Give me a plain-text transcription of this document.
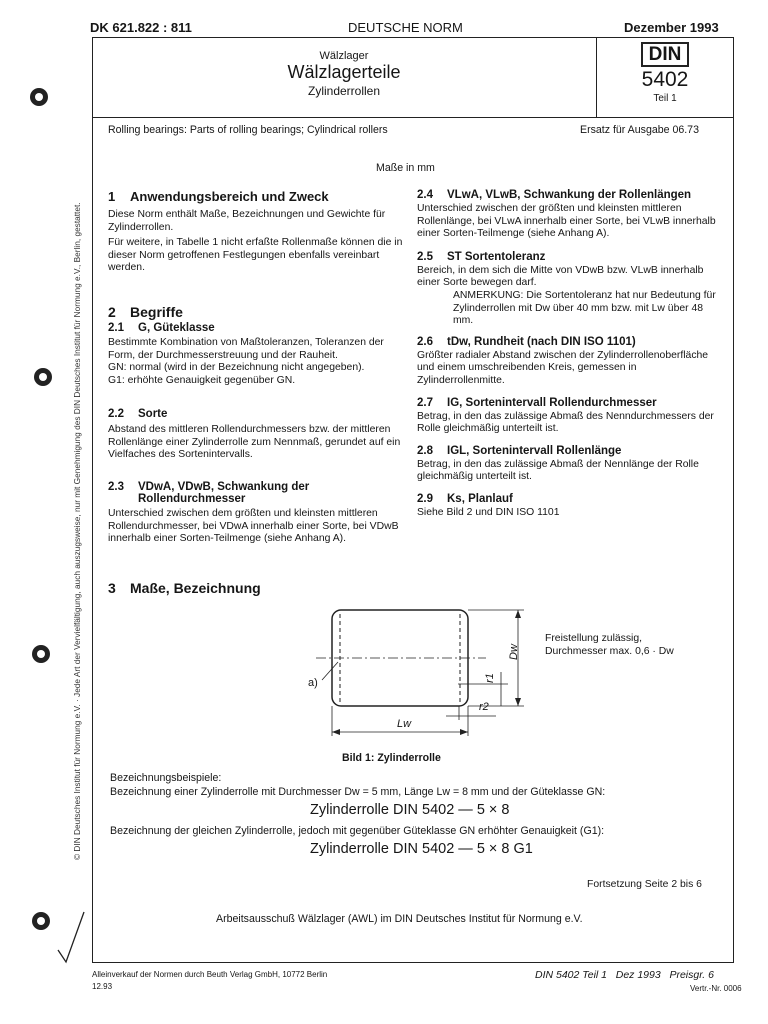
© DIN Deutsches Institut für Normung e.V. · Jede Art der Vervielfältigung, auch auszugsweise, nur mit Genehmigung des DIN Deutsches Institut für Normung e.V., Berlin, gestattet.
DK 621.822 : 811	DEUTSCHE NORM	Dezember 1993
Wälzlager
Wälzlagerteile
Zylinderrollen
DIN
5402
Teil 1
Rolling bearings: Parts of rolling bearings; Cylindrical rollers	Ersatz für Ausgabe 06.73
Maße in mm
1 Anwendungsbereich und Zweck
Diese Norm enthält Maße, Bezeichnungen und Gewichte für Zylinderrollen.
Für weitere, in Tabelle 1 nicht erfaßte Rollenmaße können die in dieser Norm getroffenen Festlegungen ebenfalls vereinbart werden.
2 Begriffe
2.1 G, Güteklasse
Bestimmte Kombination von Maßtoleranzen, Toleranzen der Form, der Durchmesserstreuung und der Rauheit.
GN: normal (wird in der Bezeichnung nicht angegeben).
G1: erhöhte Genauigkeit gegenüber GN.
2.2 Sorte
Abstand des mittleren Rollendurchmessers bzw. der mittleren Rollenlänge einer Zylinderrolle zum Nennmaß, gerundet auf ein Vielfaches des Sortenintervalls.
2.3	VDwA, VDwB, Schwankung der Rollendurchmesser
Unterschied zwischen dem größten und kleinsten mittleren Rollendurchmesser, bei VDwA innerhalb einer Sorte, bei VDwB innerhalb einer Sorten-Teilmenge (siehe Anhang A).
3 Maße, Bezeichnung
2.4 VLwA, VLwB, Schwankung der Rollenlängen
Unterschied zwischen der größten und kleinsten mittleren Rollenlänge, bei VLwA innerhalb einer Sorte, bei VLwB innerhalb einer Sorten-Teilmenge (siehe Anhang A).
2.5 ST Sortentoleranz
Bereich, in dem sich die Mitte von VDwB bzw. VLwB innerhalb einer Sorte bewegen darf.
ANMERKUNG: Die Sortentoleranz hat nur Bedeutung für Zylinderrollen mit Dw über 40 mm bzw. mit Lw über 48 mm.
2.6 tDw, Rundheit (nach DIN ISO 1101)
Größter radialer Abstand zwischen der Zylinderrollenoberfläche und einem umschreibenden Kreis, gemessen in Zylinderrollenmitte.
2.7 IG, Sortenintervall Rollendurchmesser
Betrag, in den das zulässige Abmaß des Nenndurchmessers der Rolle gleichmäßig unterteilt ist.
2.8 IGL, Sortenintervall Rollenlänge
Betrag, in den das zulässige Abmaß der Nennlänge der Rolle gleichmäßig unterteilt ist.
2.9 Ks, Planlauf
Siehe Bild 2 und DIN ISO 1101
Freistellung zulässig,
Durchmesser max. 0,6 · Dw
a)
Dw
r1
r2
Lw
Bild 1: Zylinderrolle
Bezeichnungsbeispiele:
Bezeichnung einer Zylinderrolle mit Durchmesser Dw = 5 mm, Länge Lw = 8 mm und der Güteklasse GN:
Zylinderrolle DIN 5402 — 5 × 8
Bezeichnung der gleichen Zylinderrolle, jedoch mit gegenüber Güteklasse GN erhöhter Genauigkeit (G1):
Zylinderrolle DIN 5402 — 5 × 8 G1
Fortsetzung Seite 2 bis 6
Arbeitsausschuß Wälzlager (AWL) im DIN Deutsches Institut für Normung e.V.
Alleinverkauf der Normen durch Beuth Verlag GmbH, 10772 Berlin
12.93
DIN 5402 Teil 1   Dez 1993   Preisgr. 6
Vertr.-Nr. 0006
